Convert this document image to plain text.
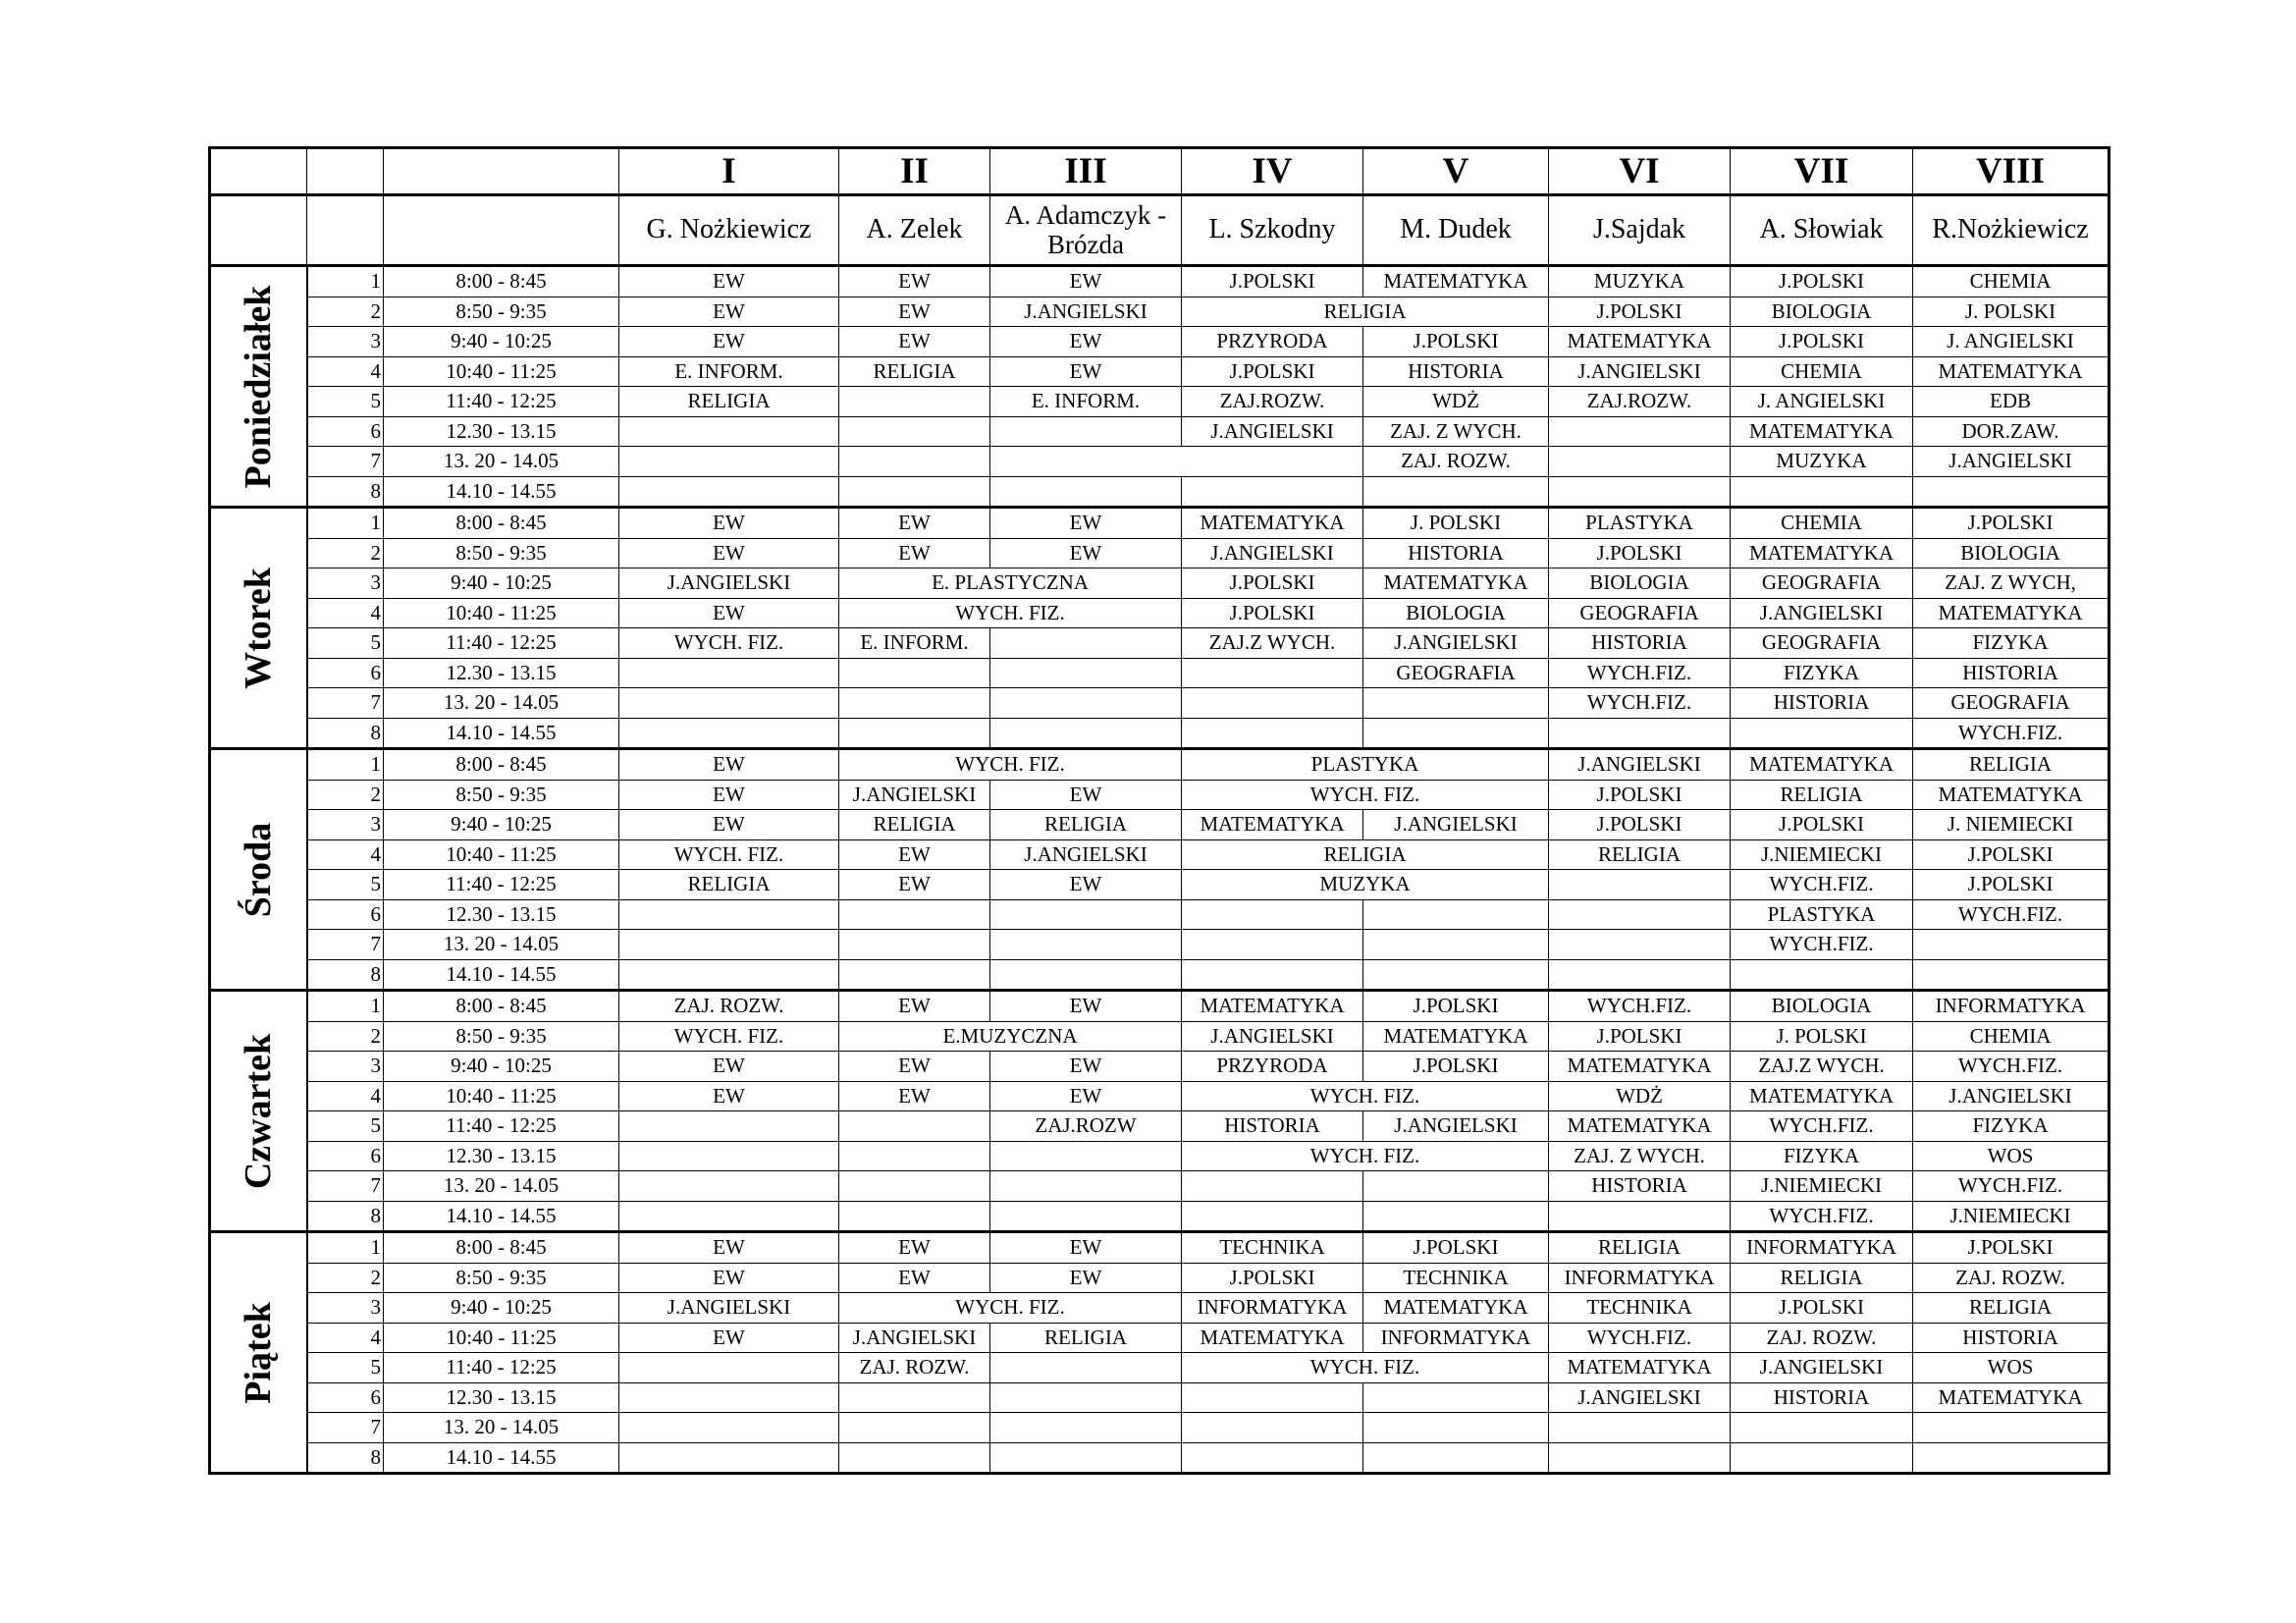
			I	II	III	IV	V	VI	VII	VIII
			G. Nożkiewicz	A. Zelek	A. Adamczyk - Brózda	L. Szkodny	M. Dudek	J.Sajdak	A. Słowiak	R.Nożkiewicz

Poniedziałek	1	8:00 - 8:45	EW	EW	EW	J.POLSKI	MATEMATYKA	MUZYKA	J.POLSKI	CHEMIA
	2	8:50 - 9:35	EW	EW	J.ANGIELSKI	RELIGIA		J.POLSKI	BIOLOGIA	J. POLSKI
	3	9:40 - 10:25	EW	EW	EW	PRZYRODA	J.POLSKI	MATEMATYKA	J.POLSKI	J. ANGIELSKI
	4	10:40 - 11:25	E. INFORM.	RELIGIA	EW	J.POLSKI	HISTORIA	J.ANGIELSKI	CHEMIA	MATEMATYKA
	5	11:40 - 12:25	RELIGIA		E. INFORM.	ZAJ.ROZW.	WDŻ	ZAJ.ROZW.	J. ANGIELSKI	EDB
	6	12.30 - 13.15				J.ANGIELSKI	ZAJ. Z WYCH.		MATEMATYKA	DOR.ZAW.
	7	13. 20 - 14.05					ZAJ. ROZW.		MUZYKA	J.ANGIELSKI
	8	14.10 - 14.55								

Wtorek	1	8:00 - 8:45	EW	EW	EW	MATEMATYKA	J. POLSKI	PLASTYKA	CHEMIA	J.POLSKI
	2	8:50 - 9:35	EW	EW	EW	J.ANGIELSKI	HISTORIA	J.POLSKI	MATEMATYKA	BIOLOGIA
	3	9:40 - 10:25	J.ANGIELSKI	E. PLASTYCZNA		J.POLSKI	MATEMATYKA	BIOLOGIA	GEOGRAFIA	ZAJ. Z WYCH,
	4	10:40 - 11:25	EW	WYCH. FIZ.		J.POLSKI	BIOLOGIA	GEOGRAFIA	J.ANGIELSKI	MATEMATYKA
	5	11:40 - 12:25	WYCH. FIZ.	E. INFORM.		ZAJ.Z WYCH.	J.ANGIELSKI	HISTORIA	GEOGRAFIA	FIZYKA
	6	12.30 - 13.15					GEOGRAFIA	WYCH.FIZ.	FIZYKA	HISTORIA
	7	13. 20 - 14.05						WYCH.FIZ.	HISTORIA	GEOGRAFIA
	8	14.10 - 14.55								WYCH.FIZ.

Środa	1	8:00 - 8:45	EW	WYCH. FIZ.		PLASTYKA		J.ANGIELSKI	MATEMATYKA	RELIGIA
	2	8:50 - 9:35	EW	J.ANGIELSKI	EW	WYCH. FIZ.		J.POLSKI	RELIGIA	MATEMATYKA
	3	9:40 - 10:25	EW	RELIGIA	RELIGIA	MATEMATYKA	J.ANGIELSKI	J.POLSKI	J.POLSKI	J. NIEMIECKI
	4	10:40 - 11:25	WYCH. FIZ.	EW	J.ANGIELSKI	RELIGIA		RELIGIA	J.NIEMIECKI	J.POLSKI
	5	11:40 - 12:25	RELIGIA	EW	EW	MUZYKA			WYCH.FIZ.	J.POLSKI
	6	12.30 - 13.15							PLASTYKA	WYCH.FIZ.
	7	13. 20 - 14.05							WYCH.FIZ.	
	8	14.10 - 14.55								

Czwartek	1	8:00 - 8:45	ZAJ. ROZW.	EW	EW	MATEMATYKA	J.POLSKI	WYCH.FIZ.	BIOLOGIA	INFORMATYKA
	2	8:50 - 9:35	WYCH. FIZ.	E.MUZYCZNA		J.ANGIELSKI	MATEMATYKA	J.POLSKI	J. POLSKI	CHEMIA
	3	9:40 - 10:25	EW	EW	EW	PRZYRODA	J.POLSKI	MATEMATYKA	ZAJ.Z WYCH.	WYCH.FIZ.
	4	10:40 - 11:25	EW	EW	EW	WYCH. FIZ.		WDŻ	MATEMATYKA	J.ANGIELSKI
	5	11:40 - 12:25			ZAJ.ROZW	HISTORIA	J.ANGIELSKI	MATEMATYKA	WYCH.FIZ.	FIZYKA
	6	12.30 - 13.15				WYCH. FIZ.		ZAJ. Z WYCH.	FIZYKA	WOS
	7	13. 20 - 14.05						HISTORIA	J.NIEMIECKI	WYCH.FIZ.
	8	14.10 - 14.55							WYCH.FIZ.	J.NIEMIECKI

Piątek	1	8:00 - 8:45	EW	EW	EW	TECHNIKA	J.POLSKI	RELIGIA	INFORMATYKA	J.POLSKI
	2	8:50 - 9:35	EW	EW	EW	J.POLSKI	TECHNIKA	INFORMATYKA	RELIGIA	ZAJ. ROZW.
	3	9:40 - 10:25	J.ANGIELSKI	WYCH. FIZ.		INFORMATYKA	MATEMATYKA	TECHNIKA	J.POLSKI	RELIGIA
	4	10:40 - 11:25	EW	J.ANGIELSKI	RELIGIA	MATEMATYKA	INFORMATYKA	WYCH.FIZ.	ZAJ. ROZW.	HISTORIA
	5	11:40 - 12:25		ZAJ. ROZW.		WYCH. FIZ.		MATEMATYKA	J.ANGIELSKI	WOS
	6	12.30 - 13.15						J.ANGIELSKI	HISTORIA	MATEMATYKA
	7	13. 20 - 14.05								
	8	14.10 - 14.55								
